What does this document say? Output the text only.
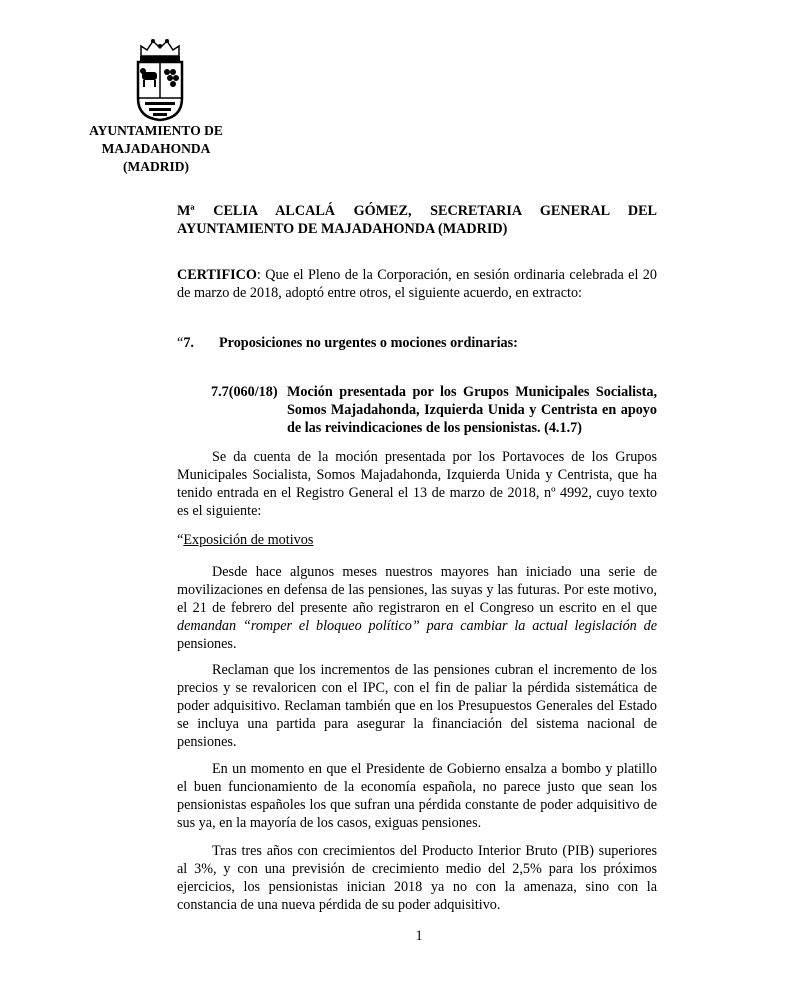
AYUNTAMIENTO DE
MAJADAHONDA
(MADRID)
Mª CELIA ALCALÁ GÓMEZ, SECRETARIA GENERAL DEL AYUNTAMIENTO DE MAJADAHONDA (MADRID)
CERTIFICO: Que el Pleno de la Corporación, en sesión ordinaria celebrada el 20 de marzo de 2018, adoptó entre otros, el siguiente acuerdo, en extracto:
“7. Proposiciones no urgentes o mociones ordinarias:
7.7(060/18) Moción presentada por los Grupos Municipales Socialista, Somos Majadahonda, Izquierda Unida y Centrista en apoyo de las reivindicaciones de los pensionistas. (4.1.7)
Se da cuenta de la moción presentada por los Portavoces de los Grupos Municipales Socialista, Somos Majadahonda, Izquierda Unida y Centrista, que ha tenido entrada en el Registro General el 13 de marzo de 2018, nº 4992, cuyo texto es el siguiente:
“Exposición de motivos
Desde hace algunos meses nuestros mayores han iniciado una serie de movilizaciones en defensa de las pensiones, las suyas y las futuras. Por este motivo, el 21 de febrero del presente año registraron en el Congreso un escrito en el que demandan “romper el bloqueo político” para cambiar la actual legislación de pensiones.
Reclaman que los incrementos de las pensiones cubran el incremento de los precios y se revaloricen con el IPC, con el fin de paliar la pérdida sistemática de poder adquisitivo. Reclaman también que en los Presupuestos Generales del Estado se incluya una partida para asegurar la financiación del sistema nacional de pensiones.
En un momento en que el Presidente de Gobierno ensalza a bombo y platillo el buen funcionamiento de la economía española, no parece justo que sean los pensionistas españoles los que sufran una pérdida constante de poder adquisitivo de sus ya, en la mayoría de los casos, exiguas pensiones.
Tras tres años con crecimientos del Producto Interior Bruto (PIB) superiores al 3%, y con una previsión de crecimiento medio del 2,5% para los próximos ejercicios, los pensionistas inician 2018 ya no con la amenaza, sino con la constancia de una nueva pérdida de su poder adquisitivo.
1
